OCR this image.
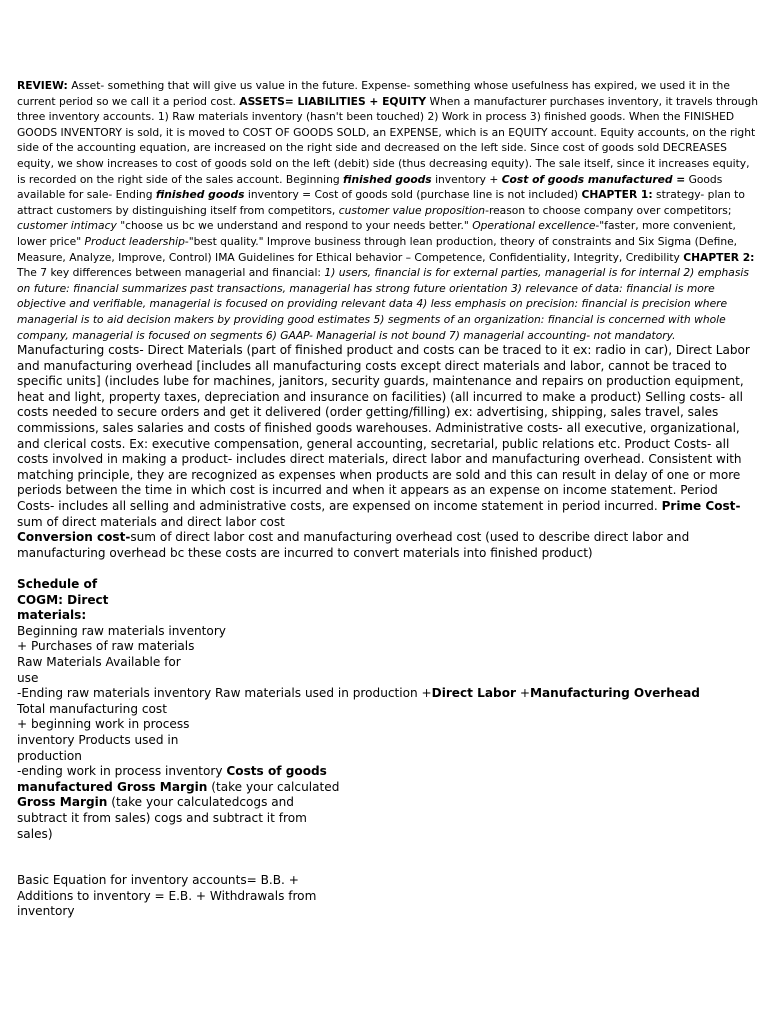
REVIEW: Asset- something that will give us value in the future. Expense- something whose usefulness has expired, we used it in the current period so we call it a period cost. ASSETS= LIABILITIES + EQUITY When a manufacturer purchases inventory, it travels through three inventory accounts. 1) Raw materials inventory (hasn't been touched) 2) Work in process 3) finished goods. When the FINISHED GOODS INVENTORY is sold, it is moved to COST OF GOODS SOLD, an EXPENSE, which is an EQUITY account. Equity accounts, on the right side of the accounting equation, are increased on the right side and decreased on the left side. Since cost of goods sold DECREASES equity, we show increases to cost of goods sold on the left (debit) side (thus decreasing equity). The sale itself, since it increases equity, is recorded on the right side of the sales account. Beginning finished goods inventory + Cost of goods manufactured = Goods available for sale- Ending finished goods inventory = Cost of goods sold (purchase line is not included) CHAPTER 1: strategy- plan to attract customers by distinguishing itself from competitors, customer value proposition-reason to choose company over competitors; customer intimacy "choose us bc we understand and respond to your needs better." Operational excellence-"faster, more convenient, lower price" Product leadership-"best quality." Improve business through lean production, theory of constraints and Six Sigma (Define, Measure, Analyze, Improve, Control) IMA Guidelines for Ethical behavior – Competence, Confidentiality, Integrity, Credibility CHAPTER 2: The 7 key differences between managerial and financial: 1) users, financial is for external parties, managerial is for internal 2) emphasis on future: financial summarizes past transactions, managerial has strong future orientation 3) relevance of data: financial is more objective and verifiable, managerial is focused on providing relevant data 4) less emphasis on precision: financial is precision where managerial is to aid decision makers by providing good estimates 5) segments of an organization: financial is concerned with whole company, managerial is focused on segments 6) GAAP- Managerial is not bound 7) managerial accounting- not mandatory.

Manufacturing costs- Direct Materials (part of finished product and costs can be traced to it ex: radio in car), Direct Labor and manufacturing overhead [includes all manufacturing costs except direct materials and labor, cannot be traced to specific units] (includes lube for machines, janitors, security guards, maintenance and repairs on production equipment, heat and light, property taxes, depreciation and insurance on facilities) (all incurred to make a product) Selling costs- all costs needed to secure orders and get it delivered (order getting/filling) ex: advertising, shipping, sales travel, sales commissions, sales salaries and costs of finished goods warehouses. Administrative costs- all executive, organizational, and clerical costs. Ex: executive compensation, general accounting, secretarial, public relations etc. Product Costs- all costs involved in making a product- includes direct materials, direct labor and manufacturing overhead. Consistent with matching principle, they are recognized as expenses when products are sold and this can result in delay of one or more periods between the time in which cost is incurred and when it appears as an expense on income statement. Period Costs- includes all selling and administrative costs, are expensed on income statement in period incurred. Prime Cost-sum of direct materials and direct labor cost
Conversion cost-sum of direct labor cost and manufacturing overhead cost (used to describe direct labor and manufacturing overhead bc these costs are incurred to convert materials into finished product)

Schedule of COGM: Direct materials:

Beginning raw materials inventory

+ Purchases of raw materials

Raw Materials Available for use

-Ending raw materials inventory Raw materials used in production +Direct Labor +Manufacturing Overhead

Total manufacturing cost

+ beginning work in process inventory Products used in production

-ending work in process inventory Costs of goods manufactured Gross Margin (take your calculated

Gross Margin (take your calculatedcogs and subtract it from sales) cogs and subtract it from sales)

Basic Equation for inventory accounts= B.B. + Additions to inventory = E.B. + Withdrawals from inventory
